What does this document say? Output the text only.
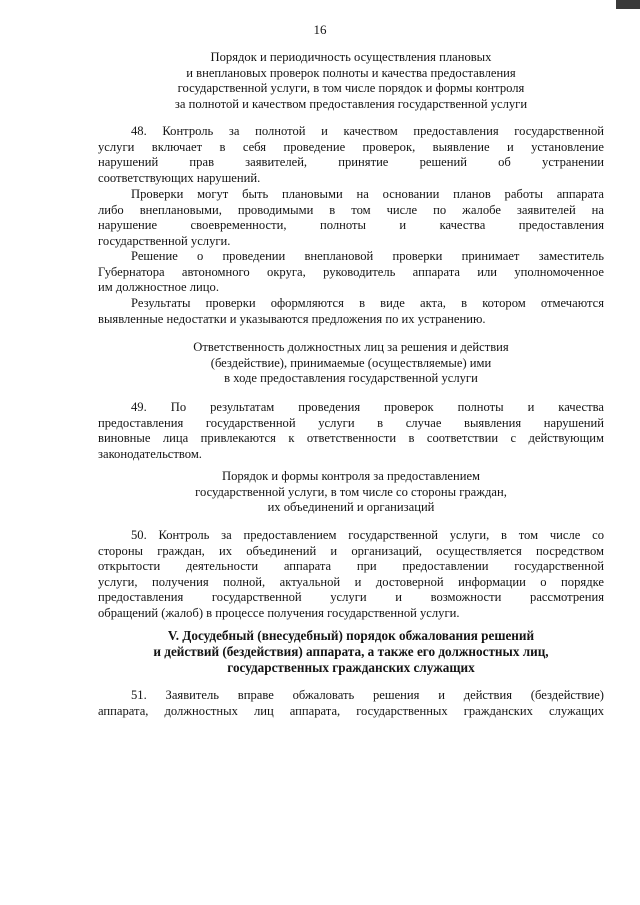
16
Порядок и периодичность осуществления плановых
и внеплановых проверок полноты и качества предоставления
государственной услуги, в том числе порядок и формы контроля
за полнотой и качеством предоставления государственной услуги
48. Контроль за полнотой и качеством предоставления государственной
услуги включает в себя проведение проверок, выявление и установление
нарушений прав заявителей, принятие решений об устранении
соответствующих нарушений.
Проверки могут быть плановыми на основании планов работы аппарата
либо внеплановыми, проводимыми в том числе по жалобе заявителей на
нарушение своевременности, полноты и качества предоставления
государственной услуги.
Решение о проведении внеплановой проверки принимает заместитель
Губернатора автономного округа, руководитель аппарата или уполномоченное
им должностное лицо.
Результаты проверки оформляются в виде акта, в котором отмечаются
выявленные недостатки и указываются предложения по их устранению.
Ответственность должностных лиц за решения и действия
(бездействие), принимаемые (осуществляемые) ими
в ходе предоставления государственной услуги
49. По результатам проведения проверок полноты и качества
предоставления государственной услуги в случае выявления нарушений
виновные лица привлекаются к ответственности в соответствии с действующим
законодательством.
Порядок и формы контроля за предоставлением
государственной услуги, в том числе со стороны граждан,
их объединений и организаций
50. Контроль за предоставлением государственной услуги, в том числе со
стороны граждан, их объединений и организаций, осуществляется посредством
открытости деятельности аппарата при предоставлении государственной
услуги, получения полной, актуальной и достоверной информации о порядке
предоставления государственной услуги и возможности рассмотрения
обращений (жалоб) в процессе получения государственной услуги.
V. Досудебный (внесудебный) порядок обжалования решений
и действий (бездействия) аппарата, а также его должностных лиц,
государственных гражданских служащих
51. Заявитель вправе обжаловать решения и действия (бездействие)
аппарата, должностных лиц аппарата, государственных гражданских служащих
